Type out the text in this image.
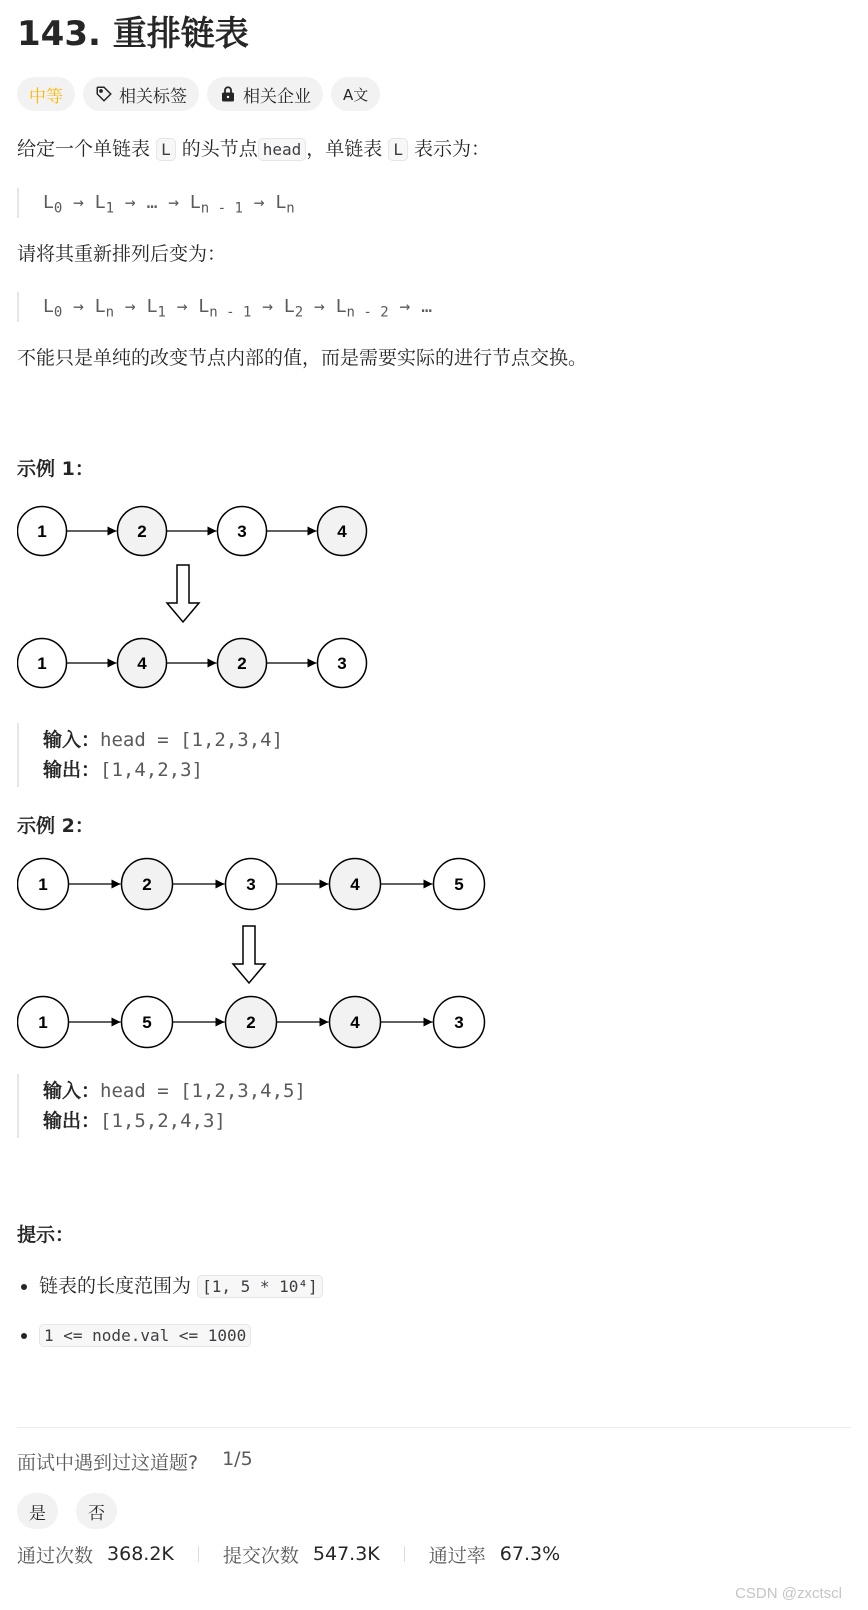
143. 重排链表
中等	相关标签	相关企业 A文

给定一个单链表 L 的头节点 head ，单链表 L 表示为：

$L_0 \to L_1$ → … → $L_{n - 1} \to L_n$

请将其重新排列后变为：

$L_0 \to L_n \to L_1 \to L_{n - 1} \to L_2 \to L_{n - 2}$ → …

不能只是单纯的改变节点内部的值，而是需要实际的进行节点交换。

示例 1：

1	2	3	4
1	4	2	3
输入：head = [1,2,3,4]
输出：[1,4,2,3]

示例 2：

1	2	3	4	5
1	5	2	4	3
输入：head = [1,2,3,4,5]
输出：[1,5,2,4,3]

提示：

• 链表的长度范围为 [1, 5 * 10⁴]
• 1 <= node.val <= 1000
面试中遇到过这道题? 1/5
是	否
通过次数 368.2K	提交次数 547.3K	通过率 67.3%
CSDN @zxctscl
